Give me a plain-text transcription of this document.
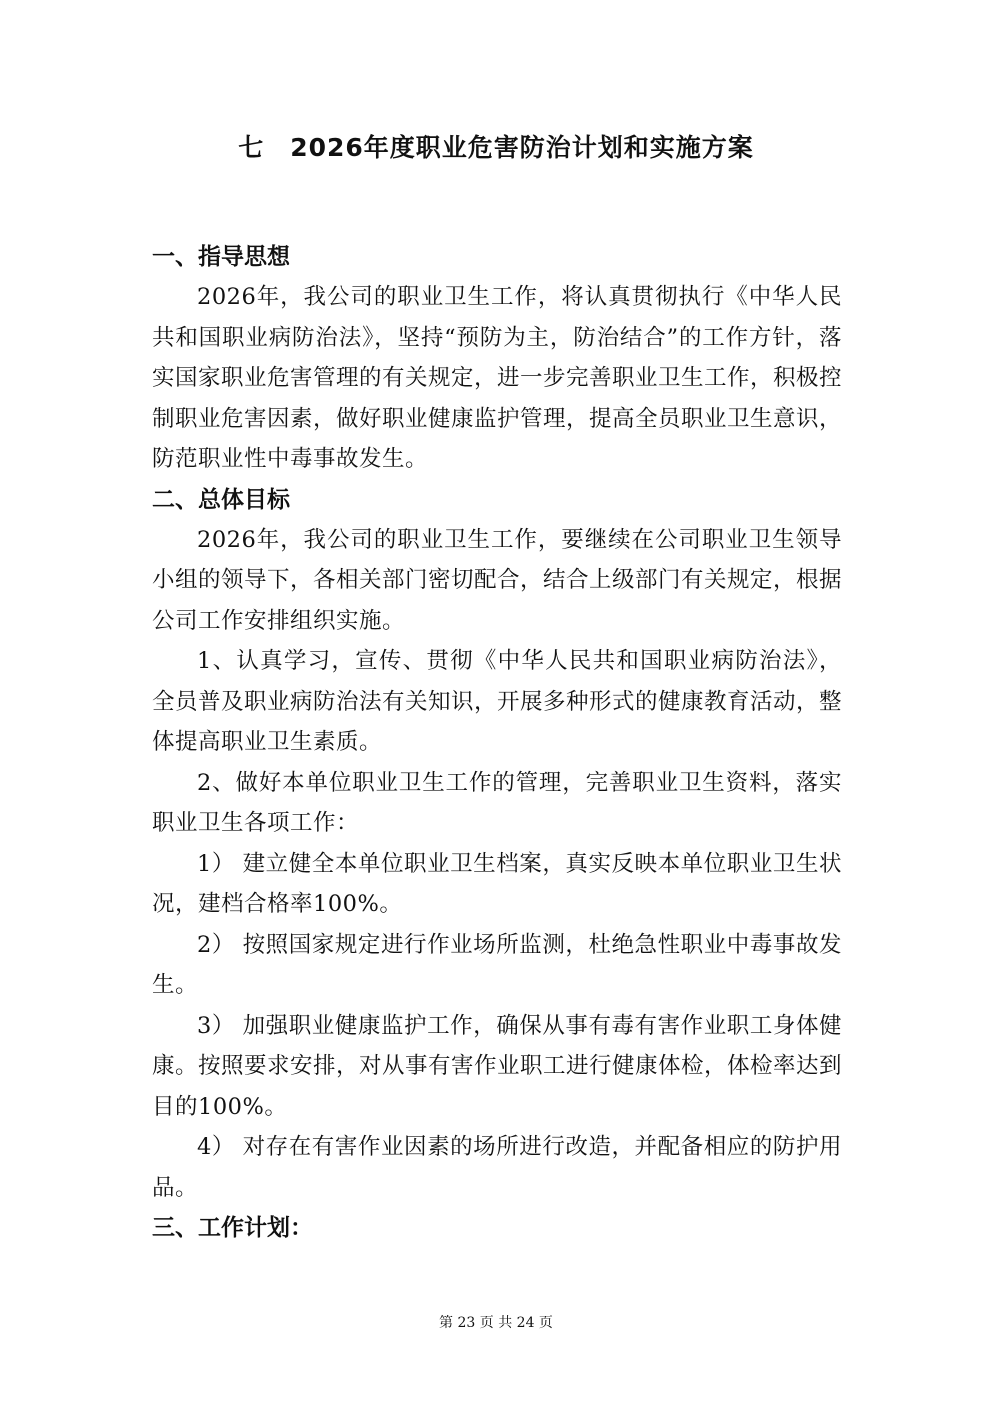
七 2026年度职业危害防治计划和实施方案
一、指导思想

2026年，我公司的职业卫生工作，将认真贯彻执行《中华人民共和国职业病防治法》，坚持“预防为主，防治结合”的工作方针，落实国家职业危害管理的有关规定，进一步完善职业卫生工作，积极控制职业危害因素，做好职业健康监护管理，提高全员职业卫生意识，防范职业性中毒事故发生。

二、总体目标

2026年，我公司的职业卫生工作，要继续在公司职业卫生领导小组的领导下，各相关部门密切配合，结合上级部门有关规定，根据公司工作安排组织实施。

1、认真学习，宣传、贯彻《中华人民共和国职业病防治法》，全员普及职业病防治法有关知识，开展多种形式的健康教育活动，整体提高职业卫生素质。

2、做好本单位职业卫生工作的管理，完善职业卫生资料，落实职业卫生各项工作：

1） 建立健全本单位职业卫生档案，真实反映本单位职业卫生状况，建档合格率100%。

2） 按照国家规定进行作业场所监测，杜绝急性职业中毒事故发生。

3） 加强职业健康监护工作，确保从事有毒有害作业职工身体健康。按照要求安排，对从事有害作业职工进行健康体检，体检率达到目的100%。

4） 对存在有害作业因素的场所进行改造，并配备相应的防护用品。

三、工作计划：
第 23 页 共 24 页
